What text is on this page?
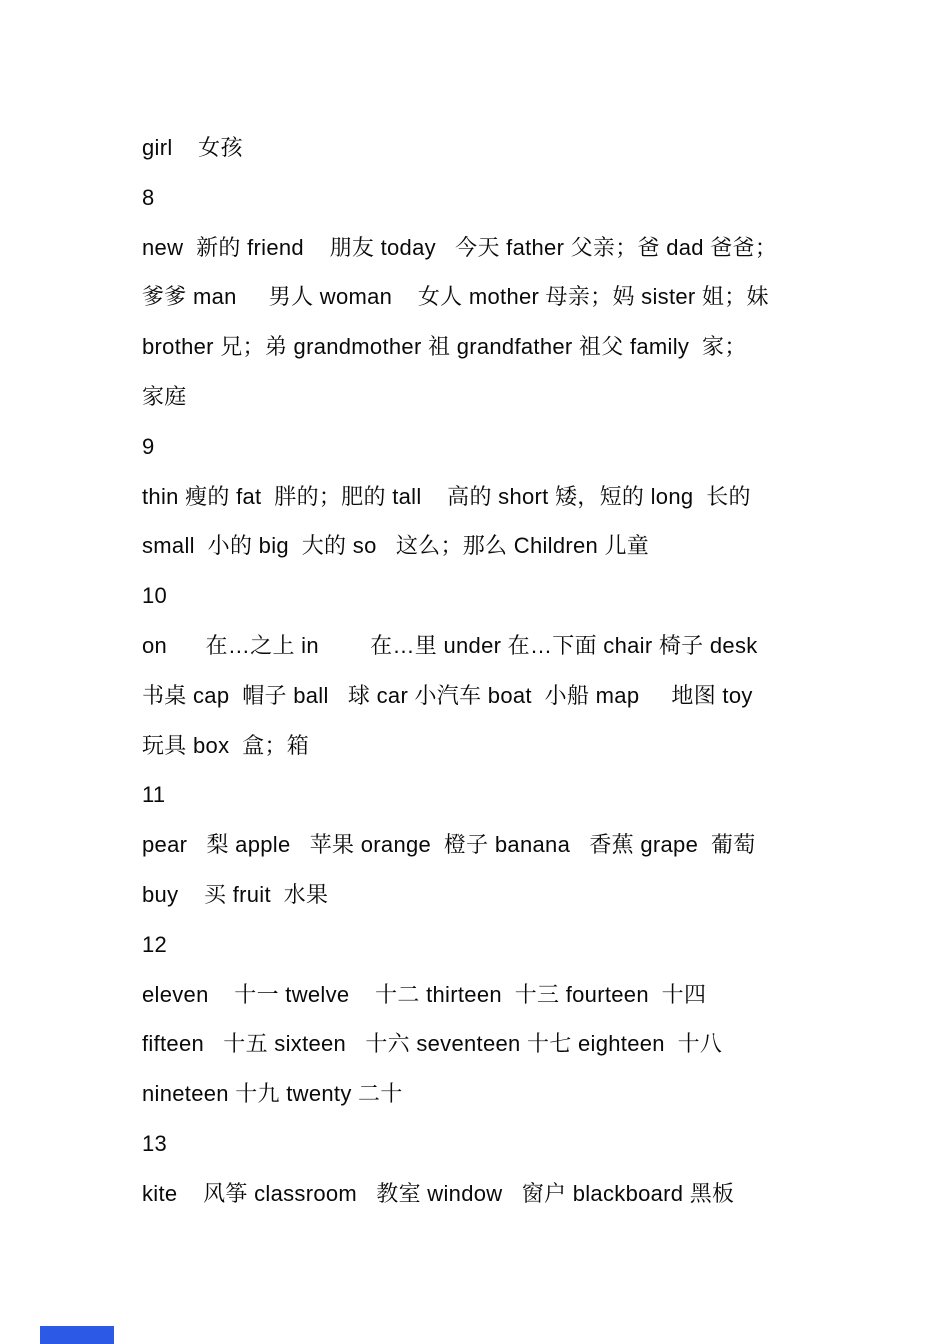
girl    女孩
8
new  新的 friend    朋友 today   今天 father 父亲；爸 dad 爸爸；
爹爹 man     男人 woman    女人 mother 母亲；妈 sister 姐；妹
brother 兄；弟 grandmother 祖 grandfather 祖父 family  家；
家庭
9
thin 瘦的 fat  胖的；肥的 tall    高的 short 矮，短的 long  长的
small  小的 big  大的 so   这么；那么 Children 儿童
10
on      在…之上 in        在…里 under 在…下面 chair 椅子 desk
书桌 cap  帽子 ball   球 car 小汽车 boat  小船 map     地图 toy
玩具 box  盒；箱
11
pear   梨 apple   苹果 orange  橙子 banana   香蕉 grape  葡萄
buy    买 fruit  水果
12
eleven    十一 twelve    十二 thirteen  十三 fourteen  十四
fifteen   十五 sixteen   十六 seventeen 十七 eighteen  十八
nineteen 十九 twenty 二十
13
kite    风筝 classroom   教室 window   窗户 blackboard 黑板
